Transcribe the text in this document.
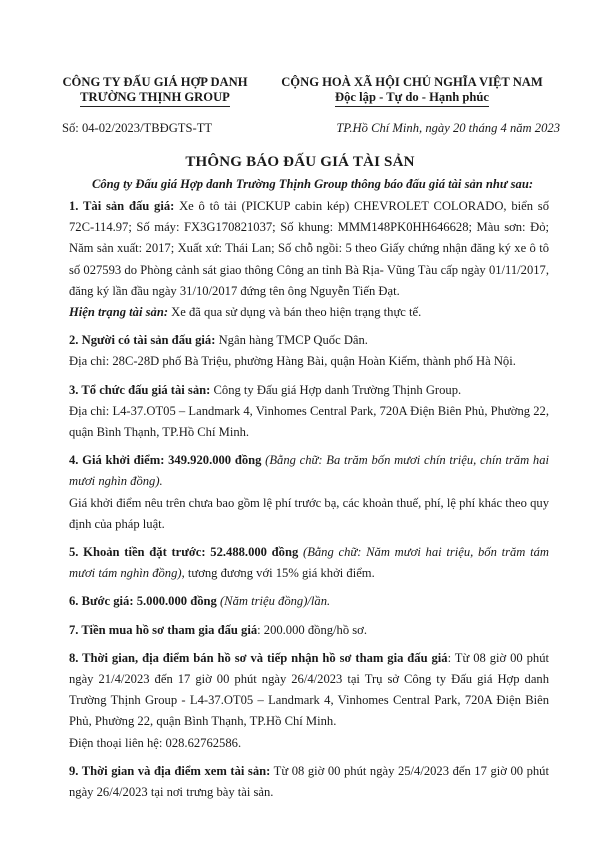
CÔNG TY ĐẤU GIÁ HỢP DANH
TRƯỜNG THỊNH GROUP
CỘNG HOÀ XÃ HỘI CHỦ NGHĨA VIỆT NAM
Độc lập - Tự do - Hạnh phúc
Số: 04-02/2023/TBĐGTS-TT	TP.Hồ Chí Minh, ngày 20 tháng 4 năm 2023
THÔNG BÁO ĐẤU GIÁ TÀI SẢN
Công ty Đấu giá Hợp danh Trường Thịnh Group thông báo đấu giá tài sản như sau:

1. Tài sản đấu giá: Xe ô tô tải (PICKUP cabin kép) CHEVROLET COLORADO, biển số 72C-114.97; Số máy: FX3G170821037; Số khung: MMM148PK0HH646628; Màu sơn: Đỏ; Năm sản xuất: 2017; Xuất xứ: Thái Lan; Số chỗ ngồi: 5 theo Giấy chứng nhận đăng ký xe ô tô số 027593 do Phòng cảnh sát giao thông Công an tỉnh Bà Rịa- Vũng Tàu cấp ngày 01/11/2017, đăng ký lần đầu ngày 31/10/2017 đứng tên ông Nguyễn Tiến Đạt.

Hiện trạng tài sản: Xe đã qua sử dụng và bán theo hiện trạng thực tế.

2. Người có tài sản đấu giá: Ngân hàng TMCP Quốc Dân.

Địa chỉ: 28C-28D phố Bà Triệu, phường Hàng Bài, quận Hoàn Kiếm, thành phố Hà Nội.

3. Tổ chức đấu giá tài sản: Công ty Đấu giá Hợp danh Trường Thịnh Group.

Địa chỉ: L4-37.OT05 – Landmark 4, Vinhomes Central Park, 720A Điện Biên Phủ, Phường 22, quận Bình Thạnh, TP.Hồ Chí Minh.

4. Giá khởi điểm: 349.920.000 đồng (Bằng chữ: Ba trăm bốn mươi chín triệu, chín trăm hai mươi nghìn đồng).

Giá khởi điểm nêu trên chưa bao gồm lệ phí trước bạ, các khoản thuế, phí, lệ phí khác theo quy định của pháp luật.

5. Khoản tiền đặt trước: 52.488.000 đồng (Bằng chữ: Năm mươi hai triệu, bốn trăm tám mươi tám nghìn đồng), tương đương với 15% giá khởi điểm.

6. Bước giá: 5.000.000 đồng (Năm triệu đồng)/lần.

7. Tiền mua hồ sơ tham gia đấu giá: 200.000 đồng/hồ sơ.

8. Thời gian, địa điểm bán hồ sơ và tiếp nhận hồ sơ tham gia đấu giá: Từ 08 giờ 00 phút ngày 21/4/2023 đến 17 giờ 00 phút ngày 26/4/2023 tại Trụ sở Công ty Đấu giá Hợp danh Trường Thịnh Group - L4-37.OT05 – Landmark 4, Vinhomes Central Park, 720A Điện Biên Phủ, Phường 22, quận Bình Thạnh, TP.Hồ Chí Minh.

Điện thoại liên hệ: 028.62762586.

9. Thời gian và địa điểm xem tài sản: Từ 08 giờ 00 phút ngày 25/4/2023 đến 17 giờ 00 phút ngày 26/4/2023 tại nơi trưng bày tài sản.
